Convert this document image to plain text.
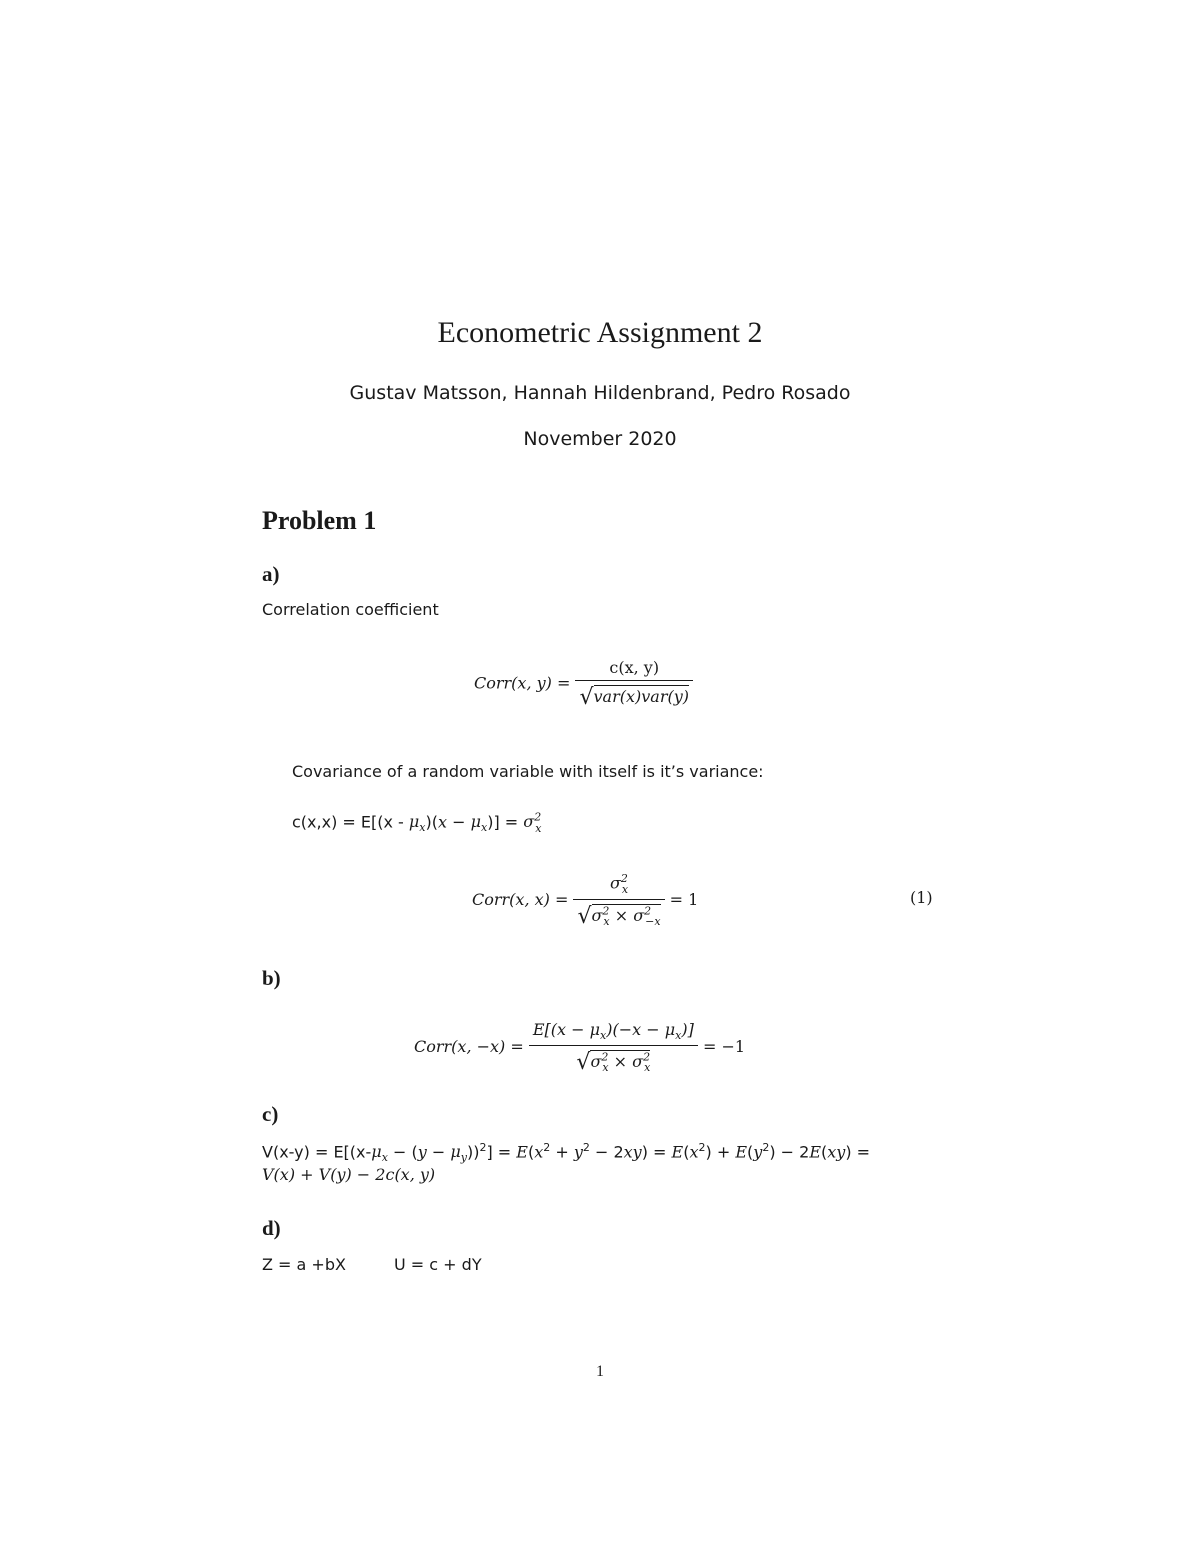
Econometric Assignment 2
Gustav Matsson, Hannah Hildenbrand, Pedro Rosado
November 2020
Problem 1
a)
Correlation coefficient
Corr(x, $y) = \frac{c(x, y)}{\text{√var(x)var(y)}}$
Covariance of a random variable with itself is it’s variance:
$c(x,x) = E[(x - \mu_x)(x - \mu_x)] = \sigma^2_x$
Corr(x, $x) = \frac{\sigma^2_x}{√\sigma^2_x \times \sigma^2_{-x}} = 1$	(1)
b)
Corr(x, $-x) = \frac{E[(x - \mu_x)(-x - \mu_x)]}{√\sigma^2_x \times \sigma^2_x} = -1$
c)
$V(x-y) = E[(x-\mu_x - (y - \mu_y))^2] = E(x^2 + y^2 - 2xy) = E(x^2) + E(y^2) - 2E(xy)$ =
V(x) + V(y) − 2c(x, y)
d)
Z = a +bX	U = c + dY
1
